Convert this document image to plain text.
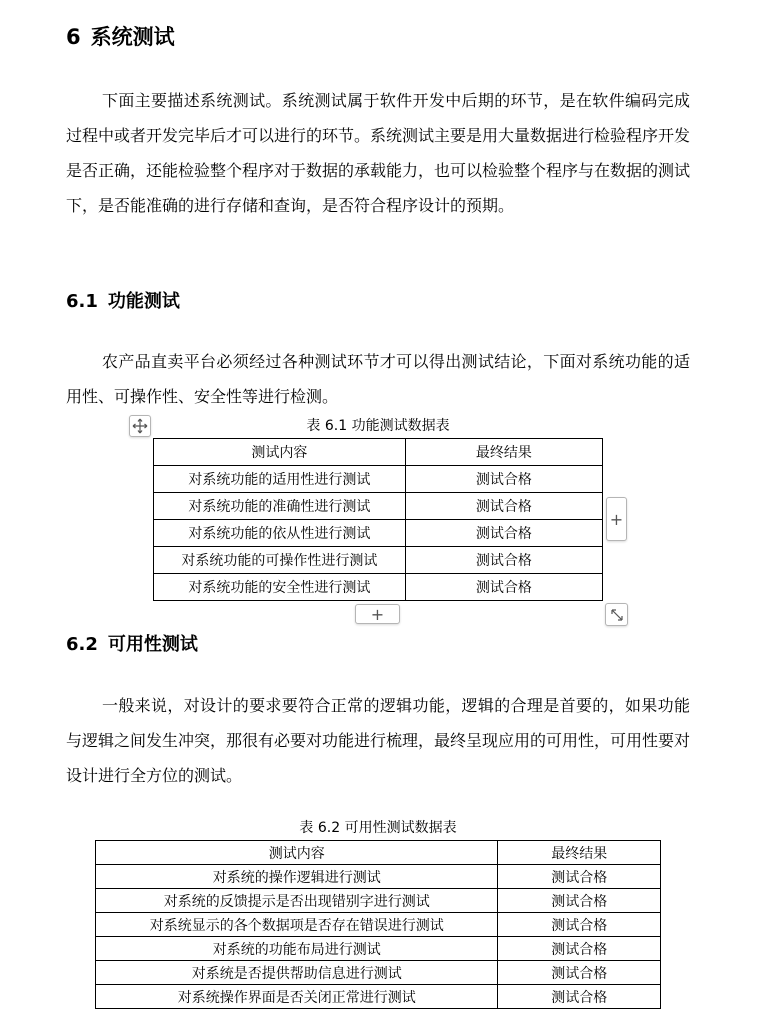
6 系统测试

下面主要描述系统测试。系统测试属于软件开发中后期的环节，是在软件编码完成过程中或者开发完毕后才可以进行的环节。系统测试主要是用大量数据进行检验程序开发是否正确，还能检验整个程序对于数据的承载能力，也可以检验整个程序与在数据的测试下，是否能准确的进行存储和查询，是否符合程序设计的预期。

6.1 功能测试

农产品直卖平台必须经过各种测试环节才可以得出测试结论，下面对系统功能的适用性、可操作性、安全性等进行检测。

表 6.1 功能测试数据表
测试内容	最终结果
对系统功能的适用性进行测试	测试合格
对系统功能的准确性进行测试	测试合格
对系统功能的依从性进行测试	测试合格
对系统功能的可操作性进行测试	测试合格
对系统功能的安全性进行测试	测试合格
+
+
6.2 可用性测试

一般来说，对设计的要求要符合正常的逻辑功能，逻辑的合理是首要的，如果功能与逻辑之间发生冲突，那很有必要对功能进行梳理，最终呈现应用的可用性，可用性要对设计进行全方位的测试。

表 6.2 可用性测试数据表
测试内容	最终结果
对系统的操作逻辑进行测试	测试合格
对系统的反馈提示是否出现错别字进行测试	测试合格
对系统显示的各个数据项是否存在错误进行测试	测试合格
对系统的功能布局进行测试	测试合格
对系统是否提供帮助信息进行测试	测试合格
对系统操作界面是否关闭正常进行测试	测试合格
